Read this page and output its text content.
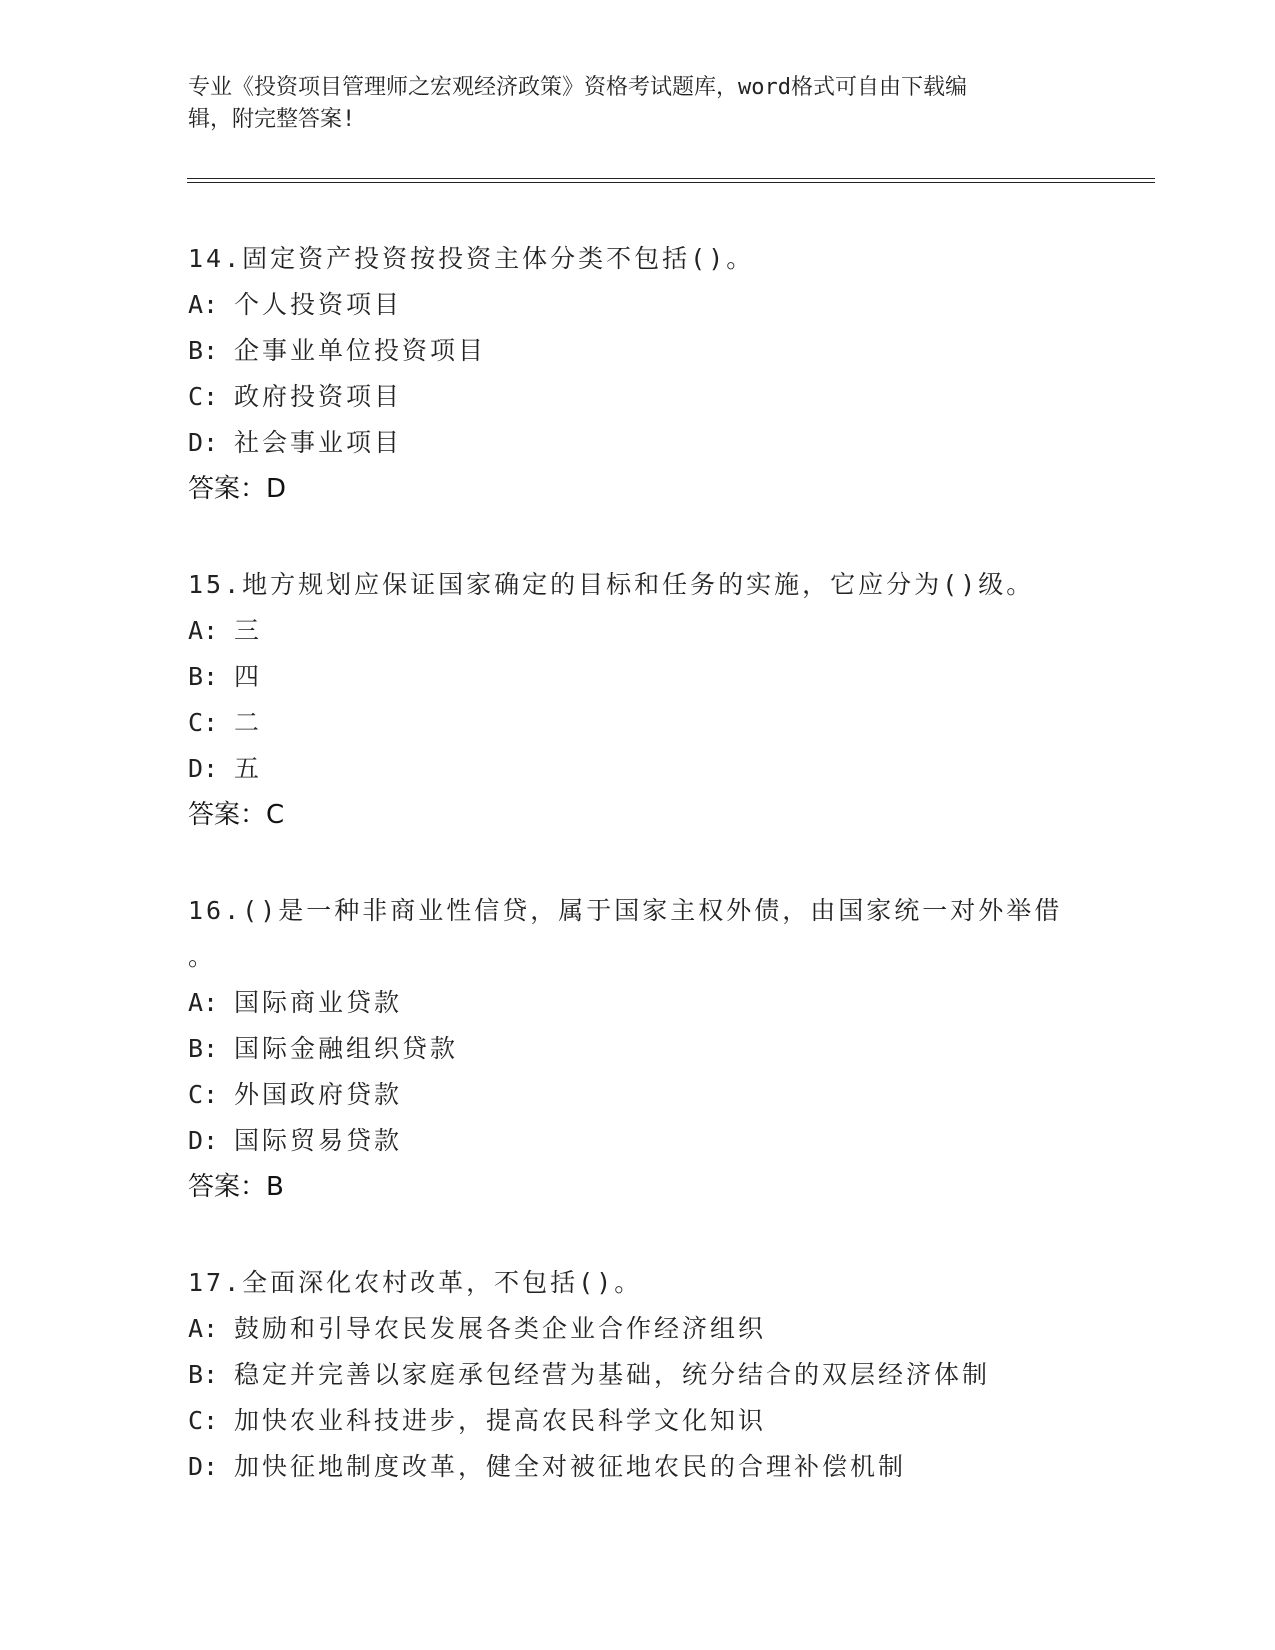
专业《投资项目管理师之宏观经济政策》资格考试题库，word格式可自由下载编
辑，附完整答案!
14.固定资产投资按投资主体分类不包括()。
A: 个人投资项目
B: 企事业单位投资项目
C: 政府投资项目
D: 社会事业项目
答案：D
15.地方规划应保证国家确定的目标和任务的实施，它应分为()级。
A: 三
B: 四
C: 二
D: 五
答案：C
16.()是一种非商业性信贷，属于国家主权外债，由国家统一对外举借
。
A: 国际商业贷款
B: 国际金融组织贷款
C: 外国政府贷款
D: 国际贸易贷款
答案：B
17.全面深化农村改革，不包括()。
A: 鼓励和引导农民发展各类企业合作经济组织
B: 稳定并完善以家庭承包经营为基础，统分结合的双层经济体制
C: 加快农业科技进步，提高农民科学文化知识
D: 加快征地制度改革，健全对被征地农民的合理补偿机制
